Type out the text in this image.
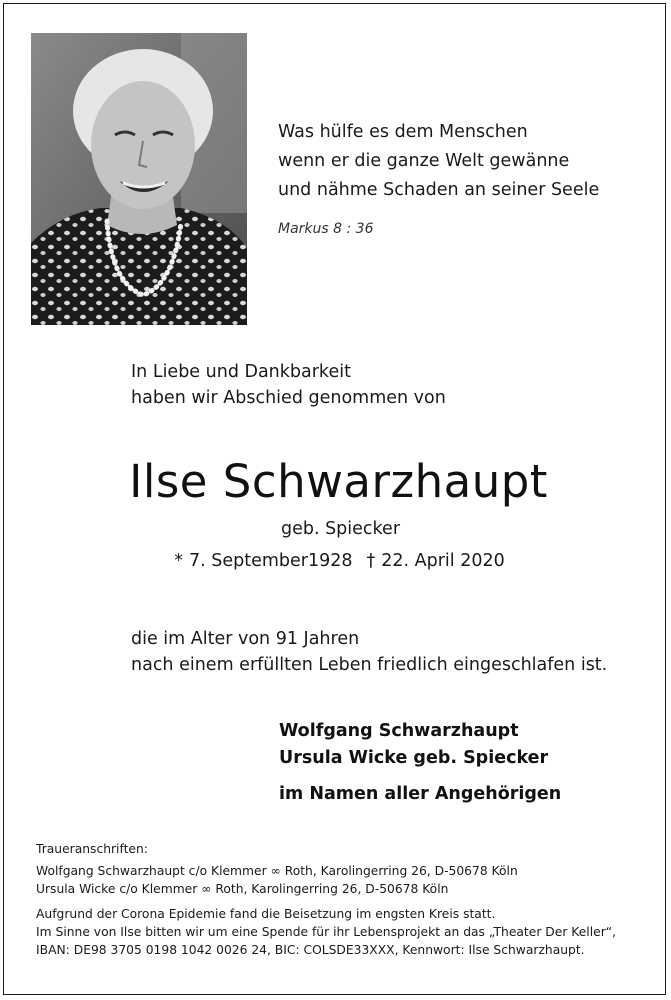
Was hülfe es dem Menschen
wenn er die ganze Welt gewänne
und nähme Schaden an seiner Seele
Markus 8 : 36
In Liebe und Dankbarkeit
haben wir Abschied genommen von
Ilse Schwarzhaupt
geb. Spiecker
* 7. September1928 † 22. April 2020
die im Alter von 91 Jahren
nach einem erfüllten Leben friedlich eingeschlafen ist.
Wolfgang Schwarzhaupt
Ursula Wicke geb. Spiecker
im Namen aller Angehörigen
Traueranschriften:
Wolfgang Schwarzhaupt c/o Klemmer ∞ Roth, Karolingerring 26, D-50678 Köln
Ursula Wicke c/o Klemmer ∞ Roth, Karolingerring 26, D-50678 Köln
Aufgrund der Corona Epidemie fand die Beisetzung im engsten Kreis statt.
Im Sinne von Ilse bitten wir um eine Spende für ihr Lebensprojekt an das „Theater Der Keller“,
IBAN: DE98 3705 0198 1042 0026 24, BIC: COLSDE33XXX, Kennwort: Ilse Schwarzhaupt.
